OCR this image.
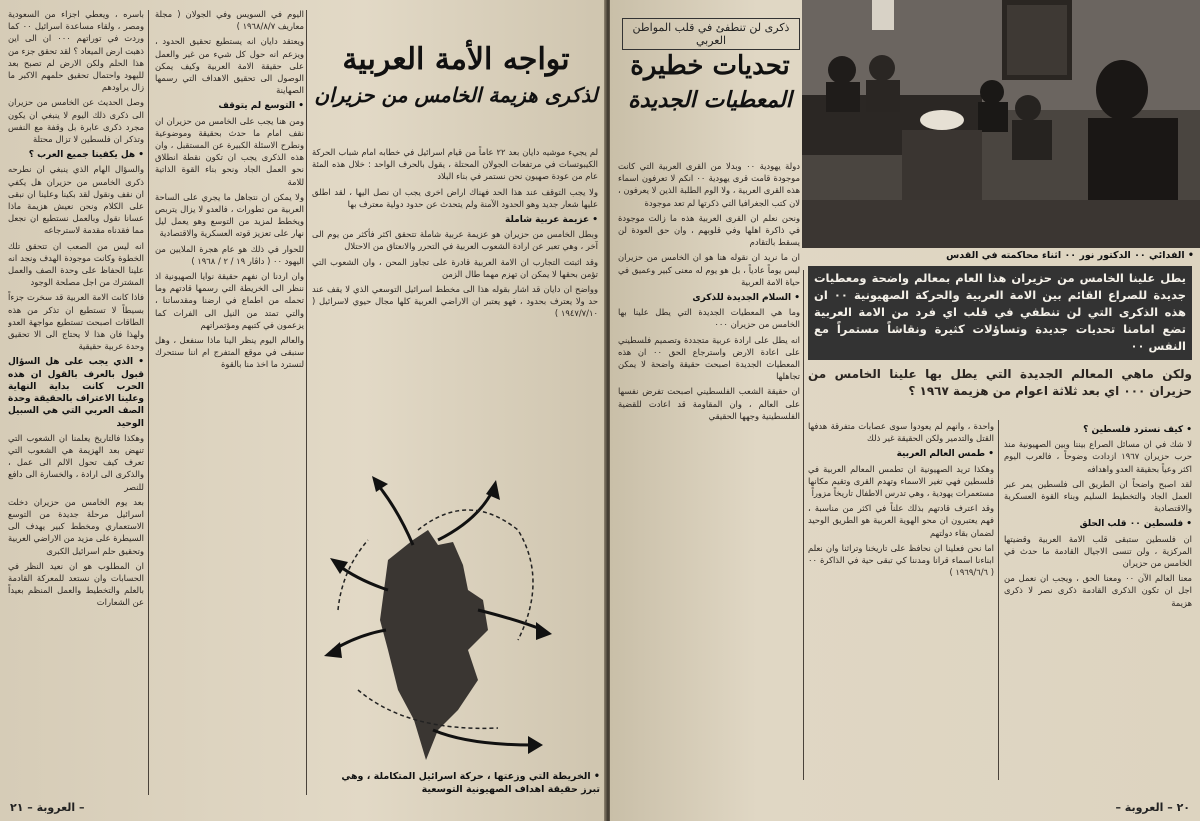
باسره ، ويعطي اجزاء من السعودية ومصر ، ولقاء مساعدة اسرائيل ٠٠ كما وردت في توراتهم ٠٠٠ ان الى اين ذهبت ارض الميعاد ؟ لقد تحقق جزء من هذا الحلم ولكن الارض لم تصبح بعد لليهود واحتمال تحقيق حلمهم الاكبر ما زال يراودهم

وصل الحديث عن الخامس من حزيران الى ذكرى ذلك اليوم لا ينبغي ان يكون مجرد ذكرى عابرة بل وقفة مع النفس وتذكر ان فلسطين لا تزال محتلة

• هل يكفينا جميع العرب ؟

والسؤال الهام الذي ينبغي ان نطرحه ذكرى الخامس من حزيران هل يكفي ان نقف ونقول لقد بكينا وعلينا ان نبقى على الكلام ونحن نعيش هزيمة ماذا عسانا نقول وبالعمل نستطيع ان نجعل مما فقدناه مقدمة لاسترجاعه

انه ليس من الصعب ان تتحقق تلك الخطوة وكانت موجودة الهدف ونجد انه علينا الحفاظ على وحدة الصف والعمل المشترك من اجل مصلحة الوجود

فاذا كانت الامة العربية قد سخرت جزءاً بسيطاً لا تستطيع ان تذكر من هذه الطاقات اصبحت تستطيع مواجهة العدو ولهذا فان هذا لا يحتاج الى الا تحقيق وحدة عربية حقيقية

• الذي يجب على هل السؤال قبول بالعرف بالقول ان هذه الحرب كانت بداية النهاية وعلينا الاعتراف بالحقيقة وحدة الصف العربي التي هي السبيل الوحيد

وهكذا فالتاريخ يعلمنا ان الشعوب التي تنهض بعد الهزيمة هي الشعوب التي تعرف كيف تحول الالم الى عمل ، والذكرى الى ارادة ، والخسارة الى دافع للنصر

بعد يوم الخامس من حزيران دخلت اسرائيل مرحلة جديدة من التوسع الاستعماري ومخطط كبير يهدف الى السيطرة على مزيد من الاراضي العربية وتحقيق حلم اسرائيل الكبرى

ان المطلوب هو ان نعيد النظر في الحسابات وان نستعد للمعركة القادمة بالعلم والتخطيط والعمل المنظم بعيداً عن الشعارات

اليوم في السويس وفي الجولان ( مجلة معاريف ١٩٦٨/٨/٧ )

ويعتقد دايان انه يستطيع تحقيق الحدود ، ويزعم انه حول كل شيء من غير والعمل على حقيقة الامة العربية وكيف يمكن الوصول الى تحقيق الاهداف التي رسمها الصهاينة

• التوسع لم يتوقف

ومن هنا يجب على الخامس من حزيران ان نقف امام ما حدث بحقيقة وموضوعية ونطرح الاسئلة الكبيرة عن المستقبل ، وان هذه الذكرى يجب ان تكون نقطة انطلاق نحو العمل الجاد ونحو بناء القوة الذاتية للامة

ولا يمكن ان نتجاهل ما يجري على الساحة العربية من تطورات ، فالعدو لا يزال يتربص ويخطط لمزيد من التوسع وهو يعمل ليل نهار على تعزيز قوته العسكرية والاقتصادية

للحوار في ذلك هو عام هجرة الملايين من اليهود ٠٠ ( داڤار ١٩ / ٢ / ١٩٦٨ )

وان اردنا ان نفهم حقيقة نوايا الصهيونية اذ ننظر الى الخريطة التي رسمها قادتهم وما تحمله من اطماع في ارضنا ومقدساتنا ، والتي تمتد من النيل الى الفرات كما يزعمون في كتبهم ومؤتمراتهم

والعالم اليوم ينظر الينا ماذا سنفعل ، وهل سنبقى في موقع المتفرج ام اننا سنتحرك لنسترد ما اخذ منا بالقوة

تواجه الأمة العربية
لذكرى هزيمة الخامس من حزيران

لم يجيء موشيه دايان بعد ٢٢ عاماً من قيام اسرائيل في خطابه امام شباب الحركة الكيبوتسات في مرتفعات الجولان المحتلة ، يقول بالحرف الواحد : خلال هذه المئة عام من عودة صهيون نحن نستمر في بناء البلاد

ولا يجب التوقف عند هذا الحد فهناك اراض اخرى يجب ان نصل اليها ، لقد اطلق عليها شعار جديد وهو الحدود الآمنة ولم يتحدث عن حدود دولية معترف بها

• عزيمة عربية شاملة

وبطل الخامس من حزيران هو عزيمة عربية شاملة تتحقق اكثر فأكثر من يوم الى آخر ، وهي تعبر عن ارادة الشعوب العربية في التحرر والانعتاق من الاحتلال

وقد اثبتت التجارب ان الامة العربية قادرة على تجاوز المحن ، وان الشعوب التي تؤمن بحقها لا يمكن ان تهزم مهما طال الزمن

وواضح ان دايان قد اشار بقوله هذا الى مخطط اسرائيل التوسعي الذي لا يقف عند حد ولا يعترف بحدود ، فهو يعتبر ان الاراضي العربية كلها مجال حيوي لاسرائيل ( ١٩٤٧/٧/١٠ )

• الخريطة التي وزعتها ، حركة اسرائيل المتكاملة ، وهي
تبرز حقيقة اهداف الصهيونية التوسعية
العروبة – ٢١ –
ذكرى لن تنطفئ في قلب المواطن العربي
تحديات خطيرة
المعطيات الجديدة
• الفدائي ٠٠ الدكتور نور ٠٠ اثناء محاكمته في القدس

دولة يهودية ٠٠ وبدلا من القرى العربية التي كانت موجودة قامت قرى يهودية ٠٠ انكم لا تعرفون اسماء هذه القرى العربية ، ولا الوم الطلبة الذين لا يعرفون ، لان كتب الجغرافيا التي ذكرتها لم تعد موجودة

ونحن نعلم ان القرى العربية هذه ما زالت موجودة في ذاكرة اهلها وفي قلوبهم ، وان حق العودة لن يسقط بالتقادم

ان ما نريد ان نقوله هنا هو ان الخامس من حزيران ليس يوماً عادياً ، بل هو يوم له معنى كبير وعميق في حياة الامة العربية

• السلام الجديدة للذكرى

وما هي المعطيات الجديدة التي يطل علينا بها الخامس من حزيران ٠٠٠

انه يطل على ارادة عربية متجددة وتصميم فلسطيني على اعادة الارض واسترجاع الحق ٠٠ ان هذه المعطيات الجديدة اصبحت حقيقة واضحة لا يمكن تجاهلها

ان حقيقة الشعب الفلسطيني اصبحت تفرض نفسها على العالم ، وان المقاومة قد اعادت للقضية الفلسطينية وجهها الحقيقي

يطل علينا الخامس من حزيران هذا العام بمعالم واضحة ومعطيات جديدة للصراع القائم بين الامة العربية والحركة الصهيونية ٠٠ ان هذه الذكرى التي لن تنطفي في قلب اي فرد من الامة العربية تضع امامنا تحديات جديدة وتساؤلات كثيرة ونقاشاً مستمراً مع النفس ٠٠
ولكن ماهي المعالم الجديدة التي يطل بها علينا الخامس من حزيران ٠٠٠ اي بعد ثلاثة اعوام من هزيمة ١٩٦٧ ؟

واحدة ، وانهم لم يعودوا سوى عصابات متفرقة هدفها القتل والتدمير ولكن الحقيقة غير ذلك

• طمس العالم العربية

وهكذا تريد الصهيونية ان تطمس المعالم العربية في فلسطين فهي تغير الاسماء وتهدم القرى وتقيم مكانها مستعمرات يهودية ، وهي تدرس الاطفال تاريخاً مزوراً

وقد اعترف قادتهم بذلك علناً في اكثر من مناسبة ، فهم يعتبرون ان محو الهوية العربية هو الطريق الوحيد لضمان بقاء دولتهم

اما نحن فعلينا ان نحافظ على تاريخنا وتراثنا وان نعلم ابناءنا اسماء قرانا ومدننا كي تبقى حية في الذاكرة ٠٠ ( ١٩٦٩/٦/٦ )

• كيف نسترد فلسطين ؟

لا شك في ان مسائل الصراع بيننا وبين الصهيونية منذ حرب حزيران ١٩٦٧ ازدادت وضوحاً ، فالعرب اليوم اكثر وعياً بحقيقة العدو واهدافه

لقد اصبح واضحاً ان الطريق الى فلسطين يمر عبر العمل الجاد والتخطيط السليم وبناء القوة العسكرية والاقتصادية

• فلسطين ٠٠ قلب الحلق

ان فلسطين ستبقى قلب الامة العربية وقضيتها المركزية ، ولن تنسى الاجيال القادمة ما حدث في الخامس من حزيران

معنا العالم الآن ٠٠ ومعنا الحق ، ويجب ان نعمل من اجل ان تكون الذكرى القادمة ذكرى نصر لا ذكرى هزيمة

– ٢٠ – العروبة
